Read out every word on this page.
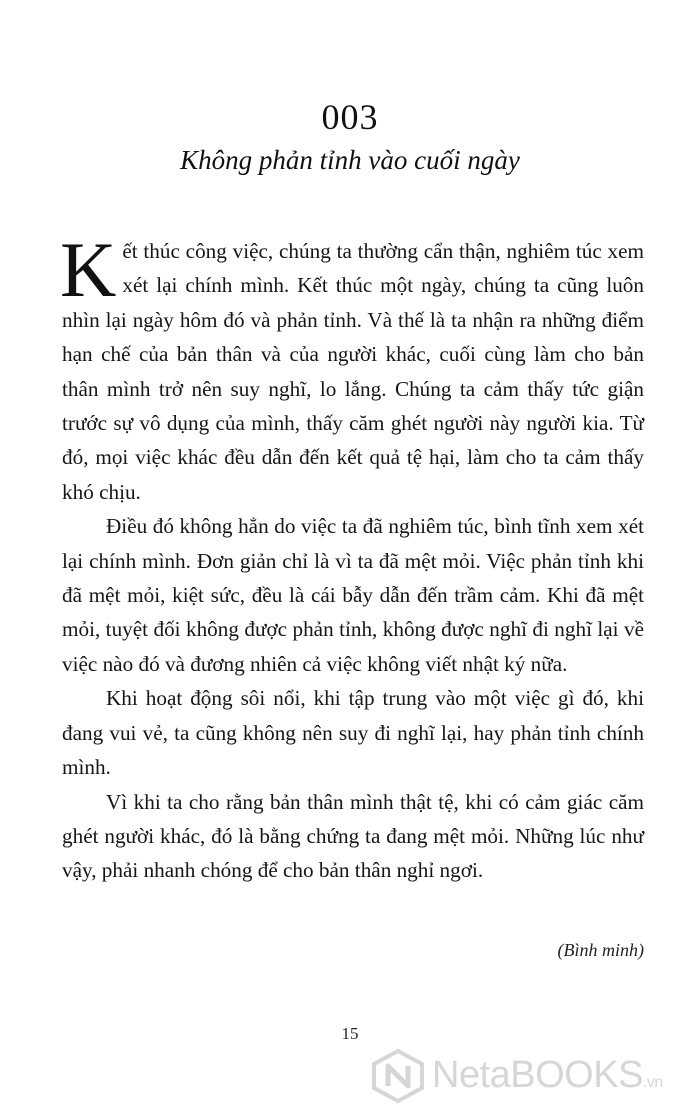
003
Không phản tỉnh vào cuối ngày

Kết thúc công việc, chúng ta thường cẩn thận, nghiêm túc xem xét lại chính mình. Kết thúc một ngày, chúng ta cũng luôn nhìn lại ngày hôm đó và phản tỉnh. Và thế là ta nhận ra những điểm hạn chế của bản thân và của người khác, cuối cùng làm cho bản thân mình trở nên suy nghĩ, lo lắng. Chúng ta cảm thấy tức giận trước sự vô dụng của mình, thấy căm ghét người này người kia. Từ đó, mọi việc khác đều dẫn đến kết quả tệ hại, làm cho ta cảm thấy khó chịu.

Điều đó không hẳn do việc ta đã nghiêm túc, bình tĩnh xem xét lại chính mình. Đơn giản chỉ là vì ta đã mệt mỏi. Việc phản tỉnh khi đã mệt mỏi, kiệt sức, đều là cái bẫy dẫn đến trầm cảm. Khi đã mệt mỏi, tuyệt đối không được phản tỉnh, không được nghĩ đi nghĩ lại về việc nào đó và đương nhiên cả việc không viết nhật ký nữa.

Khi hoạt động sôi nổi, khi tập trung vào một việc gì đó, khi đang vui vẻ, ta cũng không nên suy đi nghĩ lại, hay phản tỉnh chính mình.

Vì khi ta cho rằng bản thân mình thật tệ, khi có cảm giác căm ghét người khác, đó là bằng chứng ta đang mệt mỏi. Những lúc như vậy, phải nhanh chóng để cho bản thân nghỉ ngơi.

(Bình minh)
15
NetaBOOKS.vn
